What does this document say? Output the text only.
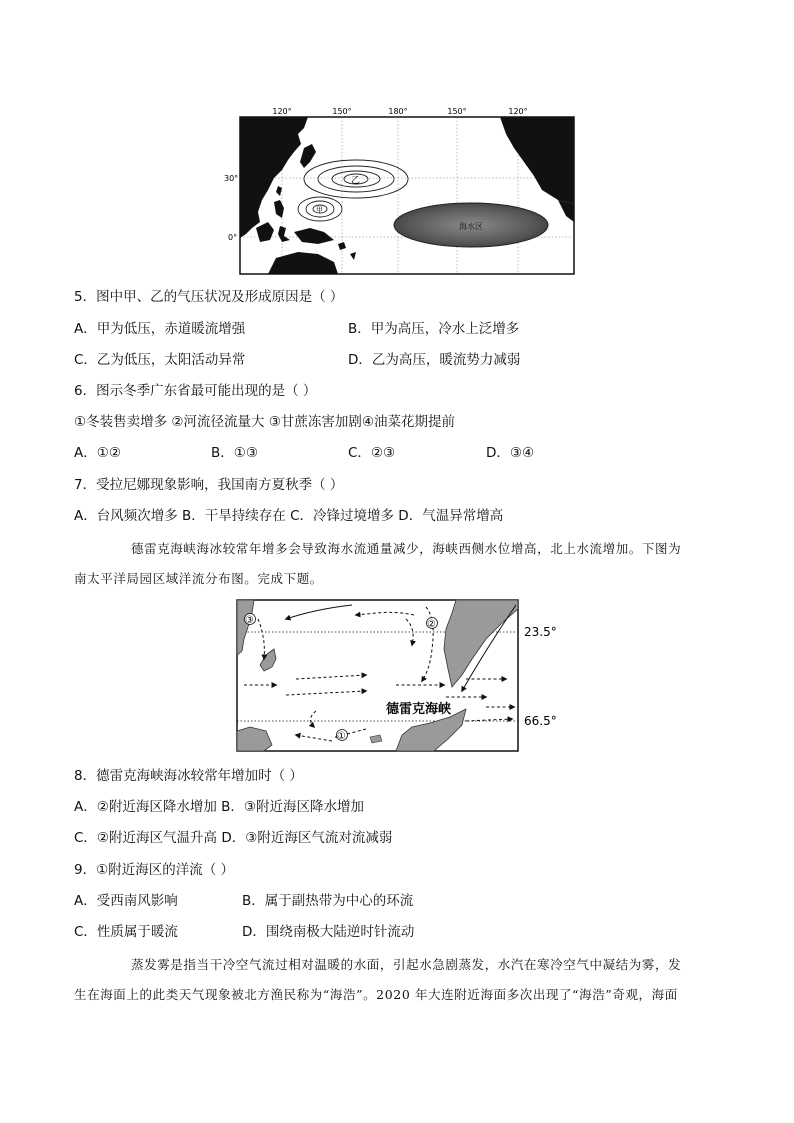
120°	150°	180°	150°	120°
30°
0°
乙
甲
海水区
5．图中甲、乙的气压状况及形成原因是（ ）
A．甲为低压，赤道暖流增强	B．甲为高压，冷水上泛增多
C．乙为低压，太阳活动异常	D．乙为高压，暖流势力减弱
6．图示冬季广东省最可能出现的是（ ）
①冬装售卖增多 ②河流径流量大 ③甘蔗冻害加剧④油菜花期提前
A．①②	B．①③	C．②③	D．③④
7．受拉尼娜现象影响，我国南方夏秋季（ ）
A．台风频次增多 B．干旱持续存在 C．冷锋过境增多 D．气温异常增高
德雷克海峡海冰较常年增多会导致海水流通量减少，海峡西侧水位增高，北上水流增加。下图为
南太平洋局园区域洋流分布图。完成下题。
23.5°
66.5°
③	②
①
德雷克海峡
8．德雷克海峡海冰较常年增加时（ ）
A．②附近海区降水增加 B．③附近海区降水增加
C．②附近海区气温升高 D．③附近海区气流对流减弱
9．①附近海区的洋流（ ）
A．受西南风影响	B．属于副热带为中心的环流
C．性质属于暖流	D．围绕南极大陆逆时针流动
蒸发雾是指当干冷空气流过相对温暖的水面，引起水急剧蒸发，水汽在寒冷空气中凝结为雾，发
生在海面上的此类天气现象被北方渔民称为“海浩”。2020 年大连附近海面多次出现了“海浩”奇观，海面
